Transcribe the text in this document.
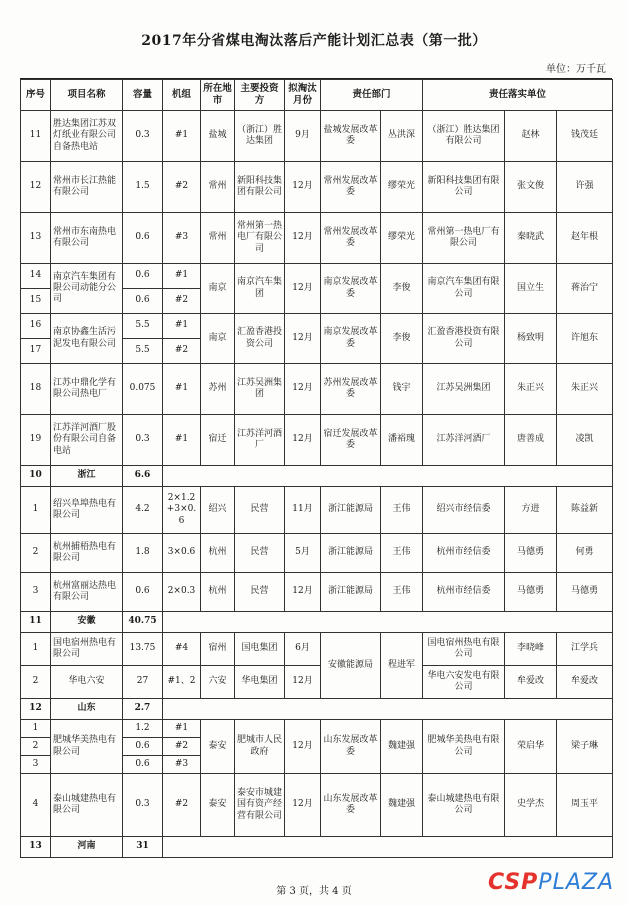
2017年分省煤电淘汰落后产能计划汇总表（第一批）
单位：万千瓦
序号	项目名称	容量	机组	所在地市	主要投资方	拟淘汰月份	责任部门		责任落实单位		
11	胜达集团江苏双灯纸业有限公司自备热电站	0.3	#1	盐城	（浙江）胜达集团	9月	盐城发展改革委	丛洪深	（浙江）胜达集团有限公司	赵林	钱茂廷
12	常州市长江热能有限公司	1.5	#2	常州	新阳科技集团有限公司	12月	常州发展改革委	缪荣光	新阳科技集团有限公司	张文俊	许强
13	常州市东南热电有限公司	0.6	#3	常州	常州第一热电厂有限公司	12月	常州发展改革委	缪荣光	常州第一热电厂有限公司	秦晓武	赵年根
14	南京汽车集团有限公司动能分公司	0.6	#1	南京	南京汽车集团	12月	南京发展改革委	李俊	南京汽车集团有限公司	国立生	蒋治宁
15		0.6	#2								
16	南京协鑫生活污泥发电有限公司	5.5	#1	南京	汇盈香港投资公司	12月	南京发展改革委	李俊	汇盈香港投资有限公司	杨致明	许旭东
17		5.5	#2								
18	江苏中鼎化学有限公司热电厂	0.075	#1	苏州	江苏吴洲集团	12月	苏州发展改革委	钱宇	江苏吴洲集团	朱正兴	朱正兴
19	江苏洋河酒厂股份有限公司自备电站	0.3	#1	宿迁	江苏洋河酒厂	12月	宿迁发展改革委	潘裕瑰	江苏洋河酒厂	唐善成	凌凯
10	浙江	6.6									
1	绍兴阜埠热电有限公司	4.2	2×1.2+3×0.6	绍兴	民营	11月	浙江能源局	王伟	绍兴市经信委	方进	陈益新
2	杭州捕梧热电有限公司	1.8	3×0.6	杭州	民营	5月	浙江能源局	王伟	杭州市经信委	马德勇	何勇
3	杭州富丽达热电有限公司	0.6	2×0.3	杭州	民营	12月	浙江能源局	王伟	杭州市经信委	马德勇	马德勇
11	安徽	40.75									
1	国电宿州热电有限公司	13.75	#4	宿州	国电集团	6月	安徽能源局	程进军	国电宿州热电有限公司	李晓峰	江学兵
2	华电六安	27	#1、2	六安	华电集团	12月			华电六安发电有限公司	牟爱改	牟爱改
12	山东	2.7									
1	肥城华美热电有限公司	1.2	#1	泰安	肥城市人民政府	12月	山东发展改革委	魏建强	肥城华美热电有限公司	荣启华	梁子琳
2		0.6	#2								
3		0.6	#3								
4	泰山城建热电有限公司	0.3	#2	泰安	泰安市城建国有资产经营有限公司	12月	山东发展改革委	魏建强	泰山城建热电有限公司	史学杰	周玉平
13	河南	31									
第 3 页，共 4 页	CSPPLAZA
